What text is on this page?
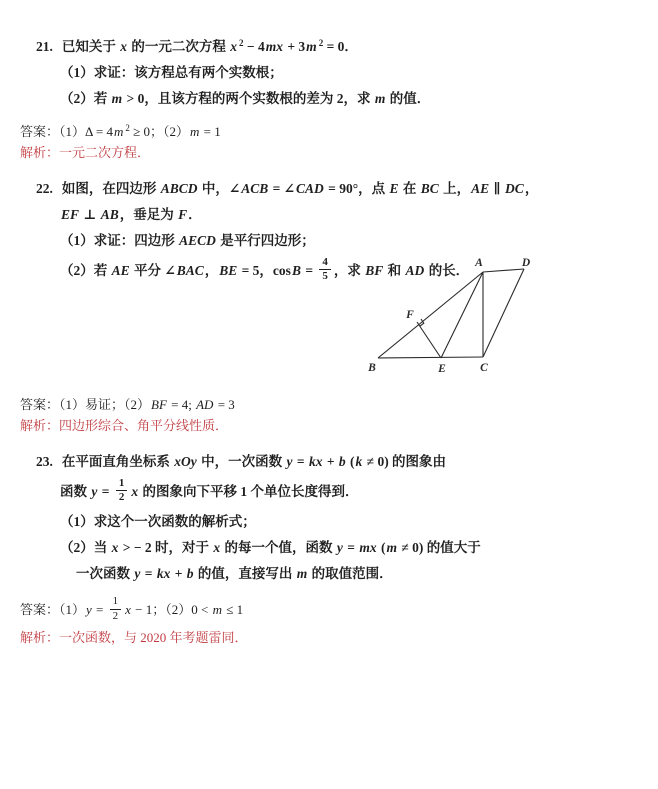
21. 已知关于 x 的一元二次方程 x $^2$ − 4mx + 3m $^2$ = 0．
（1）求证：该方程总有两个实数根；
（2）若 m > 0，且该方程的两个实数根的差为 2，求 m 的值．
答案：（1）Δ = 4m $^2$ ≥ 0；（2）m = 1
解析：一元二次方程．
22. 如图，在四边形 ABCD 中，∠ACB = ∠CAD = 90°，点 E 在 BC 上，AE ∥ DC，
EF ⊥ AB，垂足为 F．
（1）求证：四边形 AECD 是平行四边形；
（2）若 AE 平分 ∠BAC，BE = 5，$\cos B = \frac{4}{5}$ ，求 BF 和 AD 的长．
答案：（1）易证；（2）BF = 4; AD = 3
解析：四边形综合、角平分线性质．
23. 在平面直角坐标系 xOy 中，一次函数 y = kx + b (k ≠ 0) 的图象由
函数 $y = \frac{1}{2}$ x 的图象向下平移 1 个单位长度得到．
（1）求这个一次函数的解析式；
（2）当 x > − 2 时，对于 x 的每一个值，函数 y = mx (m ≠ 0) 的值大于
一次函数 y = kx + b 的值，直接写出 m 的取值范围．
答案：$(1)y = \frac{1}{2}$ x − 1；（2）0 < m ≤ 1
解析：一次函数，与 2020 年考题雷同．
A	D
F
B	E	C
